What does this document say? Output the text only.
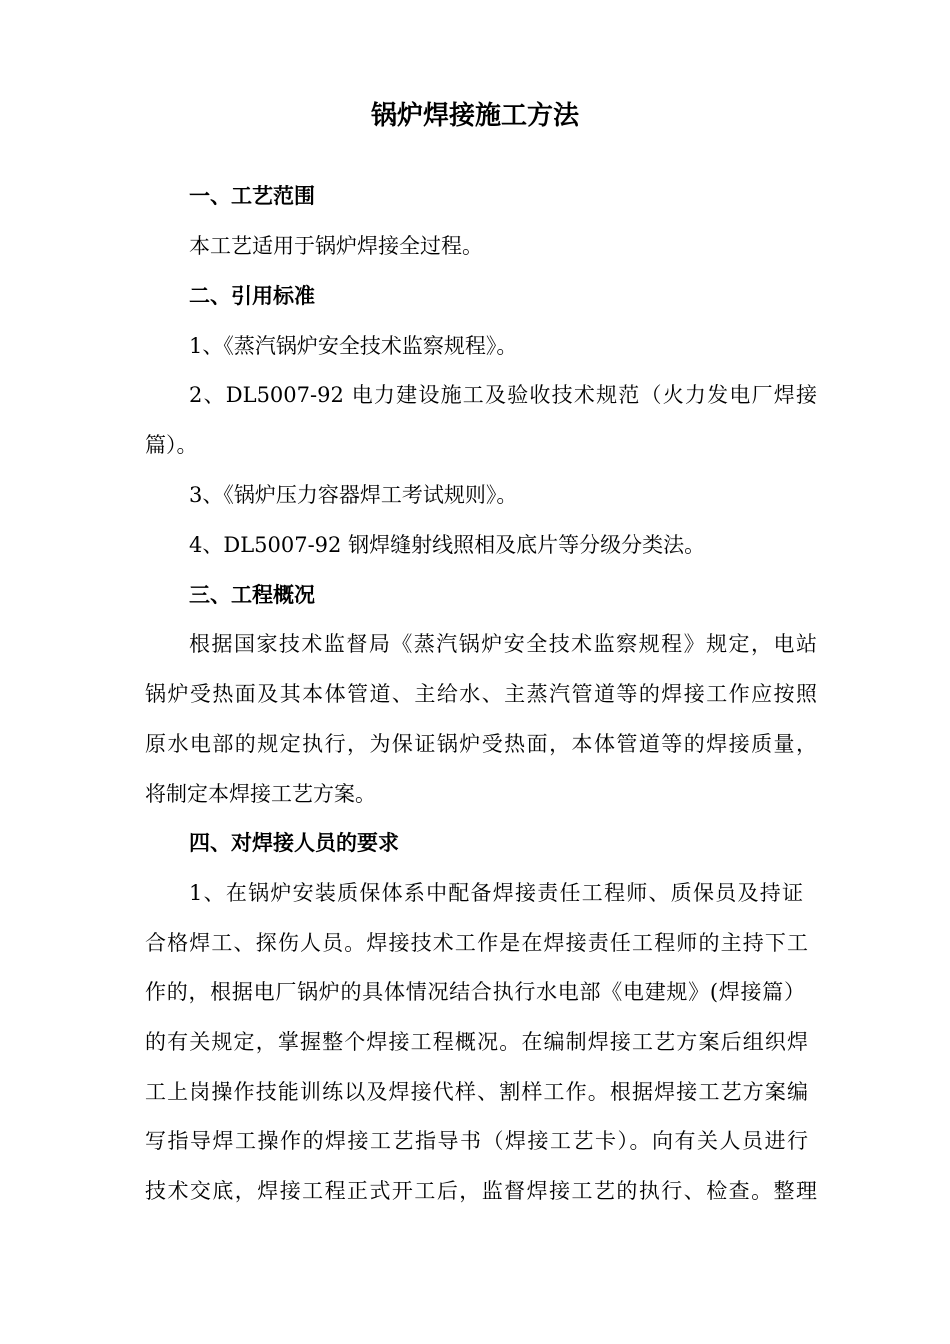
锅炉焊接施工方法
一、工艺范围
本工艺适用于锅炉焊接全过程。
二、引用标准
1、《蒸汽锅炉安全技术监察规程》。
2、DL5007-92 电力建设施工及验收技术规范（火力发电厂焊接
篇）。
3、《锅炉压力容器焊工考试规则》。
4、DL5007-92 钢焊缝射线照相及底片等分级分类法。
三、工程概况
根据国家技术监督局《蒸汽锅炉安全技术监察规程》规定，电站
锅炉受热面及其本体管道、主给水、主蒸汽管道等的焊接工作应按照
原水电部的规定执行，为保证锅炉受热面，本体管道等的焊接质量，
将制定本焊接工艺方案。
四、对焊接人员的要求
1、在锅炉安装质保体系中配备焊接责任工程师、质保员及持证
合格焊工、探伤人员。焊接技术工作是在焊接责任工程师的主持下工
作的，根据电厂锅炉的具体情况结合执行水电部《电建规》(焊接篇）
的有关规定，掌握整个焊接工程概况。在编制焊接工艺方案后组织焊
工上岗操作技能训练以及焊接代样、割样工作。根据焊接工艺方案编
写指导焊工操作的焊接工艺指导书（焊接工艺卡）。向有关人员进行
技术交底，焊接工程正式开工后，监督焊接工艺的执行、检查。整理
